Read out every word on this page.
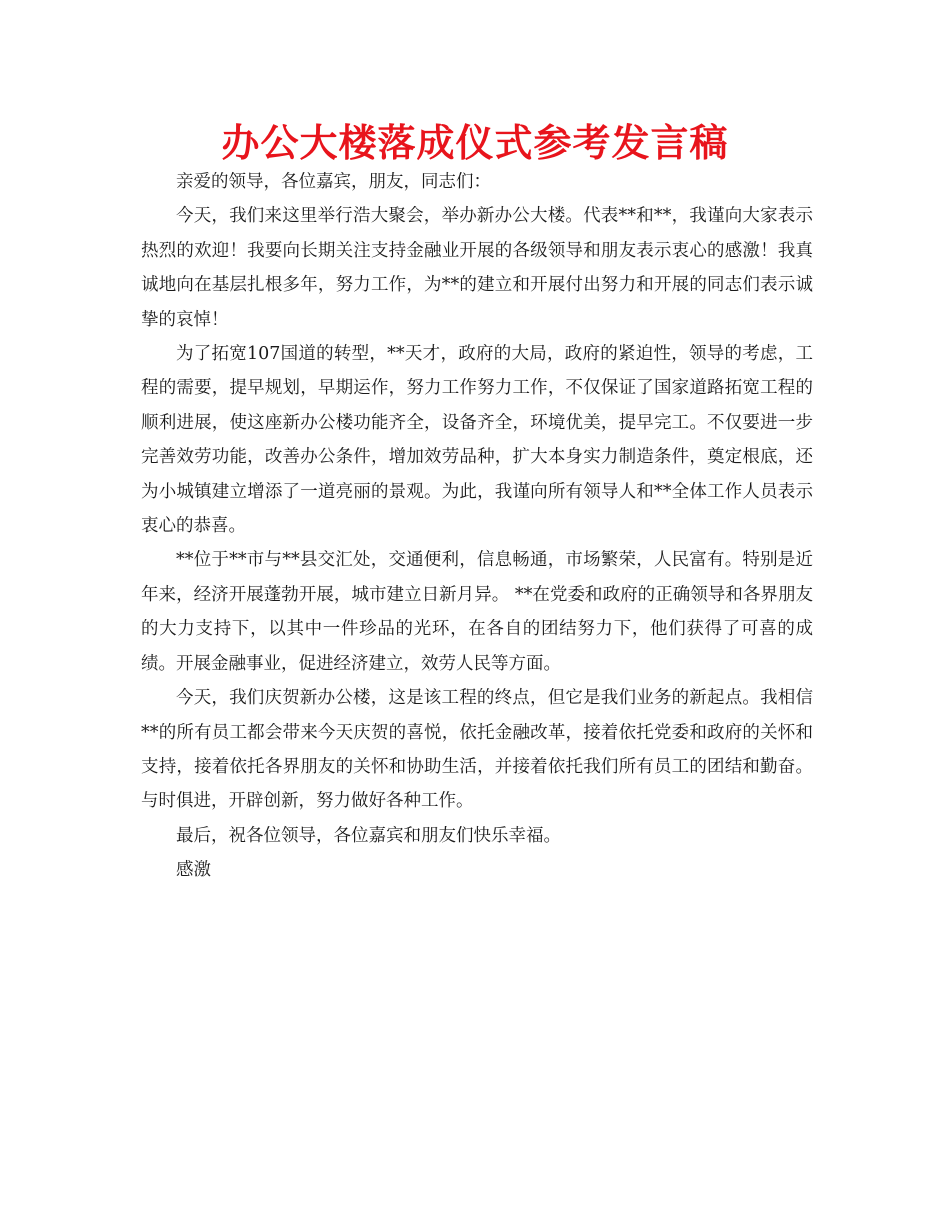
办公大楼落成仪式参考发言稿

亲爱的领导，各位嘉宾，朋友，同志们：

今天，我们来这里举行浩大聚会，举办新办公大楼。代表**和**，我谨向大家表示热烈的欢迎！我要向长期关注支持金融业开展的各级领导和朋友表示衷心的感激！我真诚地向在基层扎根多年，努力工作，为**的建立和开展付出努力和开展的同志们表示诚挚的哀悼！

为了拓宽107国道的转型，**天才，政府的大局，政府的紧迫性，领导的考虑，工程的需要，提早规划，早期运作，努力工作努力工作，不仅保证了国家道路拓宽工程的顺利进展，使这座新办公楼功能齐全，设备齐全，环境优美，提早完工。不仅要进一步完善效劳功能，改善办公条件，增加效劳品种，扩大本身实力制造条件，奠定根底，还为小城镇建立增添了一道亮丽的景观。为此，我谨向所有领导人和**全体工作人员表示衷心的恭喜。

**位于**市与**县交汇处，交通便利，信息畅通，市场繁荣，人民富有。特别是近年来，经济开展蓬勃开展，城市建立日新月异。 **在党委和政府的正确领导和各界朋友的大力支持下，以其中一件珍品的光环，在各自的团结努力下，他们获得了可喜的成绩。开展金融事业，促进经济建立，效劳人民等方面。

今天，我们庆贺新办公楼，这是该工程的终点，但它是我们业务的新起点。我相信**的所有员工都会带来今天庆贺的喜悦，依托金融改革，接着依托党委和政府的关怀和支持，接着依托各界朋友的关怀和协助生活，并接着依托我们所有员工的团结和勤奋。与时俱进，开辟创新，努力做好各种工作。

最后，祝各位领导，各位嘉宾和朋友们快乐幸福。

感激
